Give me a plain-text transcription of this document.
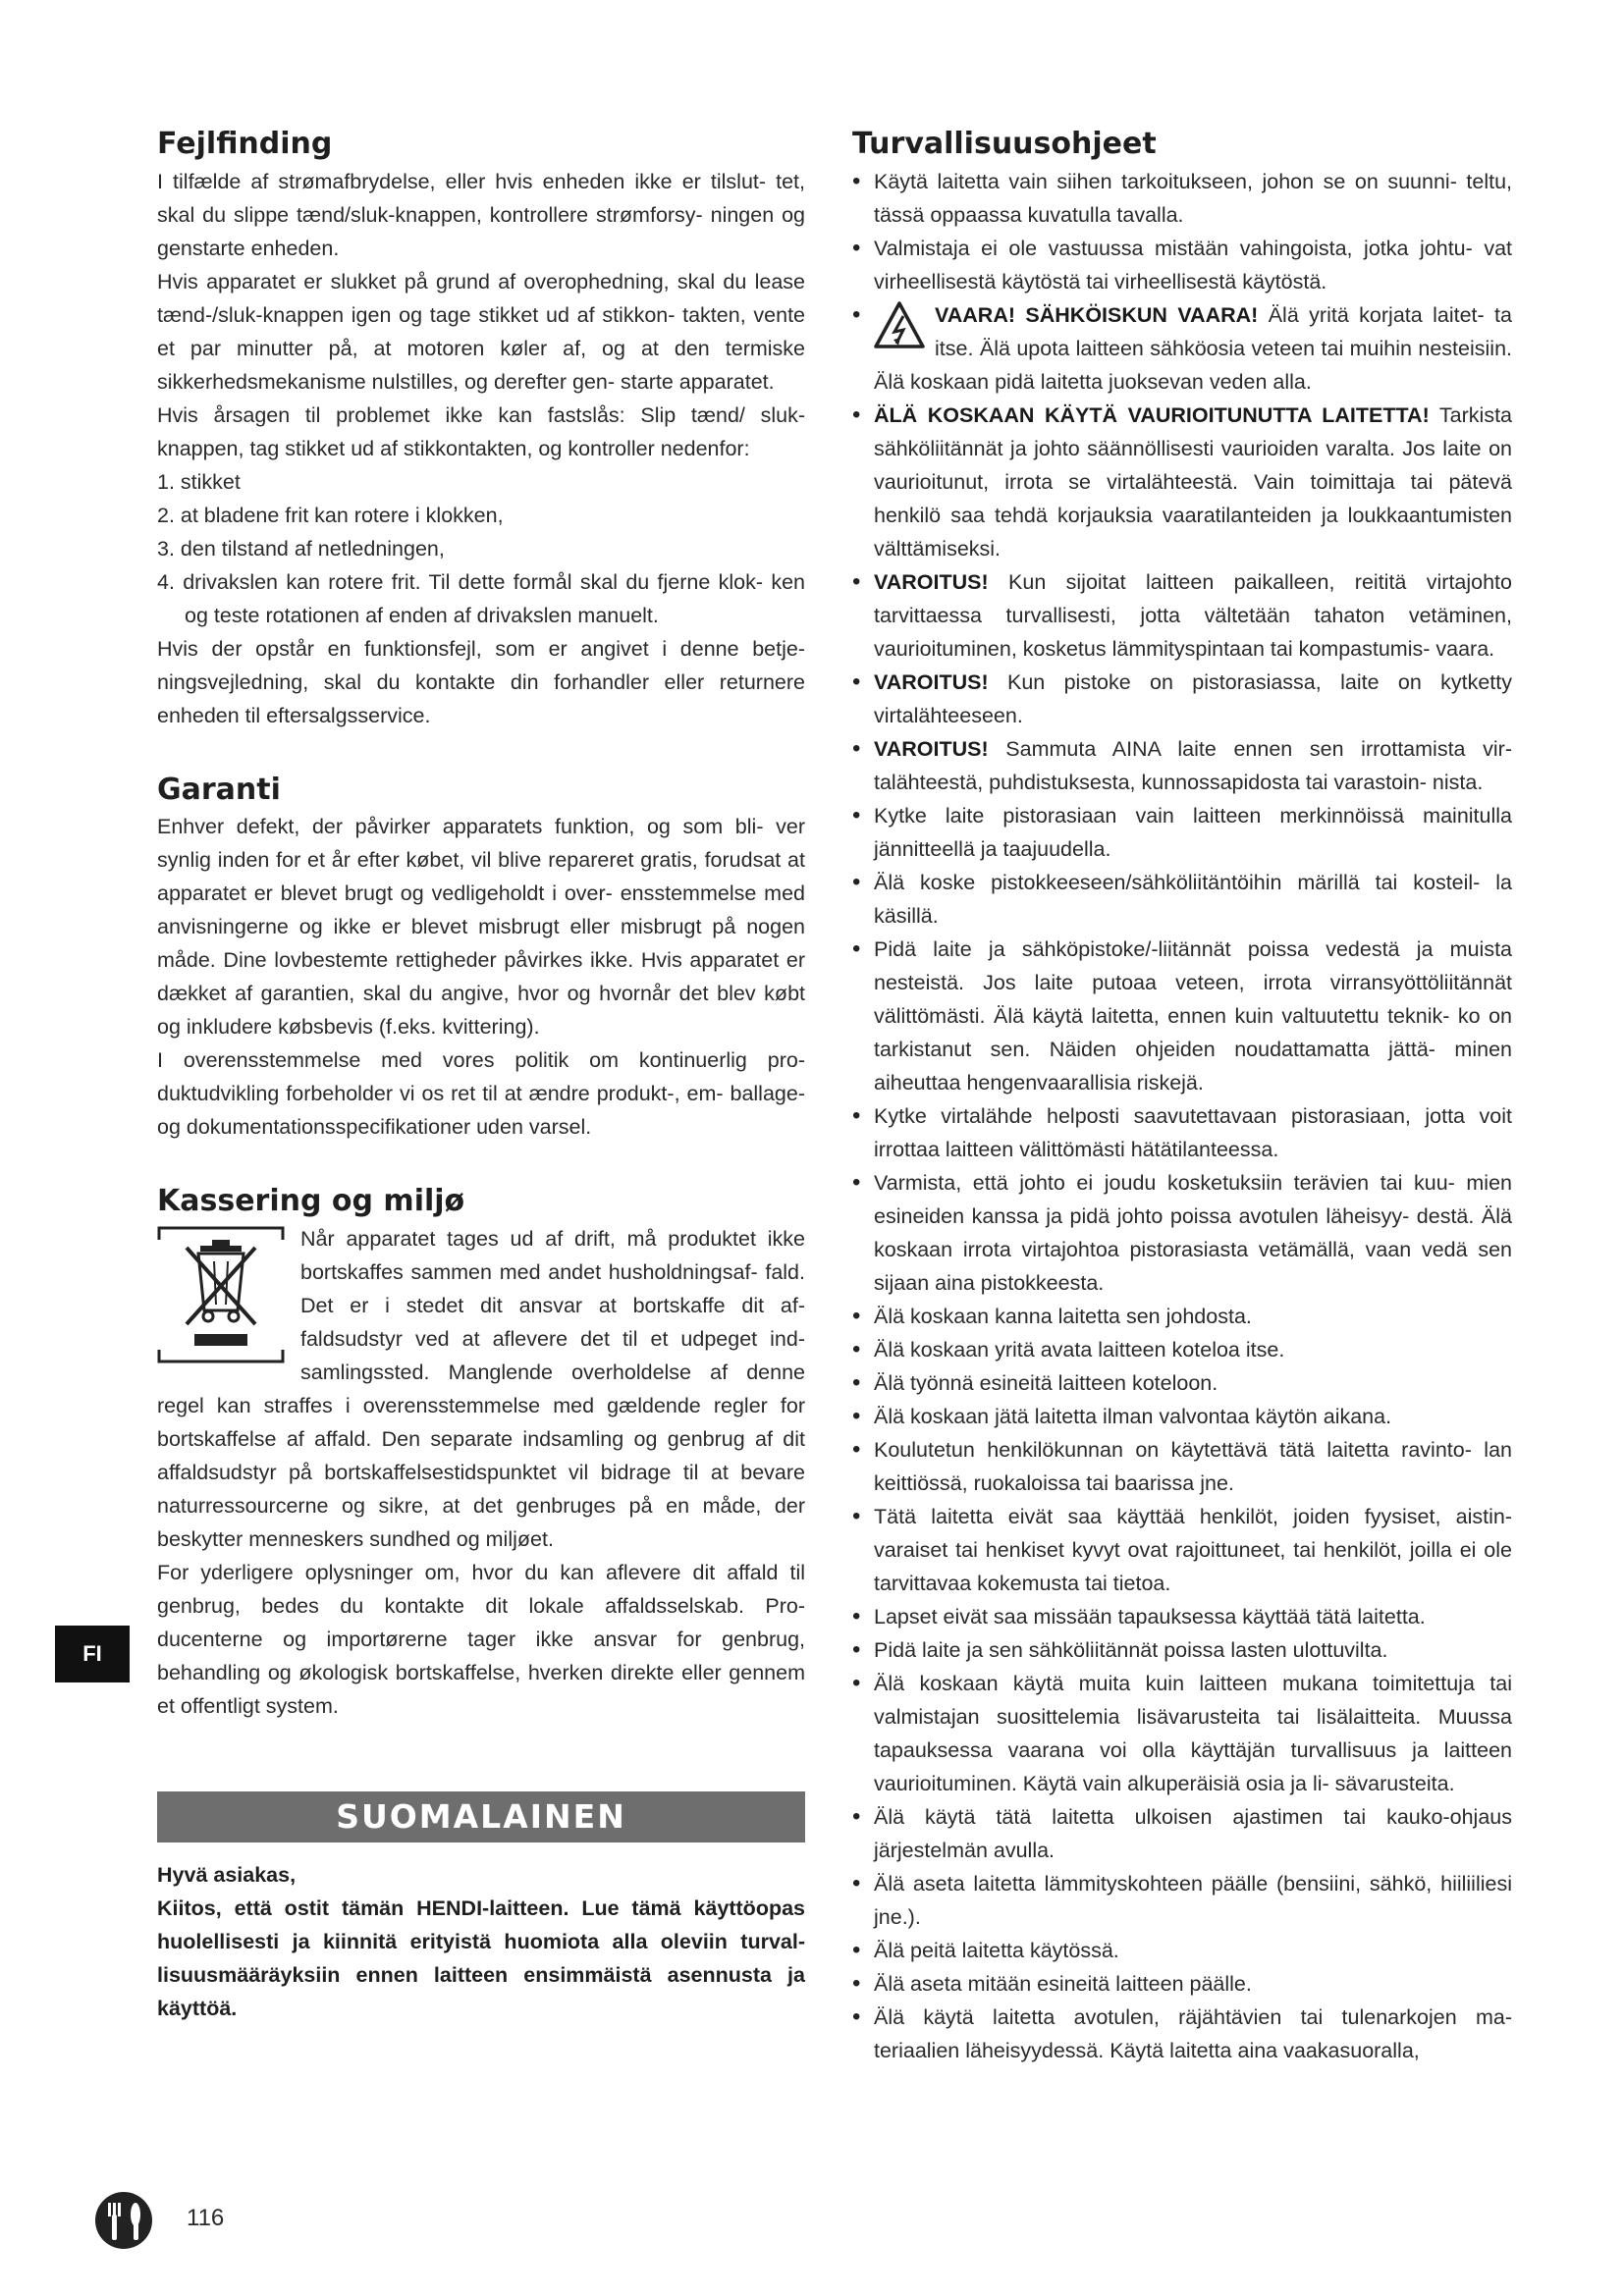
Fejlfinding

I tilfælde af strømafbrydelse, eller hvis enheden ikke er tilslut- tet, skal du slippe tænd/sluk-knappen, kontrollere strømforsy- ningen og genstarte enheden.

Hvis apparatet er slukket på grund af overophedning, skal du lease tænd-/sluk-knappen igen og tage stikket ud af stikkon- takten, vente et par minutter på, at motoren køler af, og at den termiske sikkerhedsmekanisme nulstilles, og derefter gen- starte apparatet.

Hvis årsagen til problemet ikke kan fastslås: Slip tænd/ sluk-knappen, tag stikket ud af stikkontakten, og kontroller nedenfor:

1. stikket
2. at bladene frit kan rotere i klokken,
3. den tilstand af netledningen,
4. drivakslen kan rotere frit. Til dette formål skal du fjerne klok- ken og teste rotationen af enden af drivakslen manuelt.

Hvis der opstår en funktionsfejl, som er angivet i denne betje- ningsvejledning, skal du kontakte din forhandler eller returnere enheden til eftersalgsservice.

Garanti

Enhver defekt, der påvirker apparatets funktion, og som bli- ver synlig inden for et år efter købet, vil blive repareret gratis, forudsat at apparatet er blevet brugt og vedligeholdt i over- ensstemmelse med anvisningerne og ikke er blevet misbrugt eller misbrugt på nogen måde. Dine lovbestemte rettigheder påvirkes ikke. Hvis apparatet er dækket af garantien, skal du angive, hvor og hvornår det blev købt og inkludere købsbevis (f.eks. kvittering).

I overensstemmelse med vores politik om kontinuerlig pro- duktudvikling forbeholder vi os ret til at ændre produkt-, em- ballage- og dokumentationsspecifikationer uden varsel.

Kassering og miljø

Når apparatet tages ud af drift, må produktet ikke bortskaffes sammen med andet husholdningsaf- fald. Det er i stedet dit ansvar at bortskaffe dit af- faldsudstyr ved at aflevere det til et udpeget ind- samlingssted. Manglende overholdelse af denne regel kan straffes i overensstemmelse med gældende regler for bortskaffelse af affald. Den separate indsamling og genbrug af dit affaldsudstyr på bortskaffelsestidspunktet vil bidrage til at bevare naturressourcerne og sikre, at det genbruges på en måde, der beskytter menneskers sundhed og miljøet.

For yderligere oplysninger om, hvor du kan aflevere dit affald til genbrug, bedes du kontakte dit lokale affaldsselskab. Pro- ducenterne og importørerne tager ikke ansvar for genbrug, behandling og økologisk bortskaffelse, hverken direkte eller gennem et offentligt system.

SUOMALAINEN

Hyvä asiakas,

Kiitos, että ostit tämän HENDI-laitteen. Lue tämä käyttöopas huolellisesti ja kiinnitä erityistä huomiota alla oleviin turval- lisuusmääräyksiin ennen laitteen ensimmäistä asennusta ja käyttöä.

Turvallisuusohjeet
• Käytä laitetta vain siihen tarkoitukseen, johon se on suunni- teltu, tässä oppaassa kuvatulla tavalla.
• Valmistaja ei ole vastuussa mistään vahingoista, jotka johtu- vat virheellisestä käytöstä tai virheellisestä käytöstä.
• VAARA! SÄHKÖISKUN VAARA! Älä yritä korjata laitet- ta itse. Älä upota laitteen sähköosia veteen tai muihin nesteisiin. Älä koskaan pidä laitetta juoksevan veden alla.
• ÄLÄ KOSKAAN KÄYTÄ VAURIOITUNUTTA LAITETTA! Tarkista sähköliitännät ja johto säännöllisesti vaurioiden varalta. Jos laite on vaurioitunut, irrota se virtalähteestä. Vain toimittaja tai pätevä henkilö saa tehdä korjauksia vaaratilanteiden ja loukkaantumisten välttämiseksi.
• VAROITUS! Kun sijoitat laitteen paikalleen, reititä virtajohto tarvittaessa turvallisesti, jotta vältetään tahaton vetäminen, vaurioituminen, kosketus lämmityspintaan tai kompastumis- vaara.
• VAROITUS! Kun pistoke on pistorasiassa, laite on kytketty virtalähteeseen.
• VAROITUS! Sammuta AINA laite ennen sen irrottamista vir- talähteestä, puhdistuksesta, kunnossapidosta tai varastoin- nista.
• Kytke laite pistorasiaan vain laitteen merkinnöissä mainitulla jännitteellä ja taajuudella.
• Älä koske pistokkeeseen/sähköliitäntöihin märillä tai kosteil- la käsillä.
• Pidä laite ja sähköpistoke/-liitännät poissa vedestä ja muista nesteistä. Jos laite putoaa veteen, irrota virransyöttöliitännät välittömästi. Älä käytä laitetta, ennen kuin valtuutettu teknik- ko on tarkistanut sen. Näiden ohjeiden noudattamatta jättä- minen aiheuttaa hengenvaarallisia riskejä.
• Kytke virtalähde helposti saavutettavaan pistorasiaan, jotta voit irrottaa laitteen välittömästi hätätilanteessa.
• Varmista, että johto ei joudu kosketuksiin terävien tai kuu- mien esineiden kanssa ja pidä johto poissa avotulen läheisyy- destä. Älä koskaan irrota virtajohtoa pistorasiasta vetämällä, vaan vedä sen sijaan aina pistokkeesta.
• Älä koskaan kanna laitetta sen johdosta.
• Älä koskaan yritä avata laitteen koteloa itse.
• Älä työnnä esineitä laitteen koteloon.
• Älä koskaan jätä laitetta ilman valvontaa käytön aikana.
• Koulutetun henkilökunnan on käytettävä tätä laitetta ravinto- lan keittiössä, ruokaloissa tai baarissa jne.
• Tätä laitetta eivät saa käyttää henkilöt, joiden fyysiset, aistin- varaiset tai henkiset kyvyt ovat rajoittuneet, tai henkilöt, joilla ei ole tarvittavaa kokemusta tai tietoa.
• Lapset eivät saa missään tapauksessa käyttää tätä laitetta.
• Pidä laite ja sen sähköliitännät poissa lasten ulottuvilta.
• Älä koskaan käytä muita kuin laitteen mukana toimitettuja tai valmistajan suosittelemia lisävarusteita tai lisälaitteita. Muussa tapauksessa vaarana voi olla käyttäjän turvallisuus ja laitteen vaurioituminen. Käytä vain alkuperäisiä osia ja li- sävarusteita.
• Älä käytä tätä laitetta ulkoisen ajastimen tai kauko-ohjaus järjestelmän avulla.
• Älä aseta laitetta lämmityskohteen päälle (bensiini, sähkö, hiiliiliesi jne.).
• Älä peitä laitetta käytössä.
• Älä aseta mitään esineitä laitteen päälle.
• Älä käytä laitetta avotulen, räjähtävien tai tulenarkojen ma- teriaalien läheisyydessä. Käytä laitetta aina vaakasuoralla,
FI
116
